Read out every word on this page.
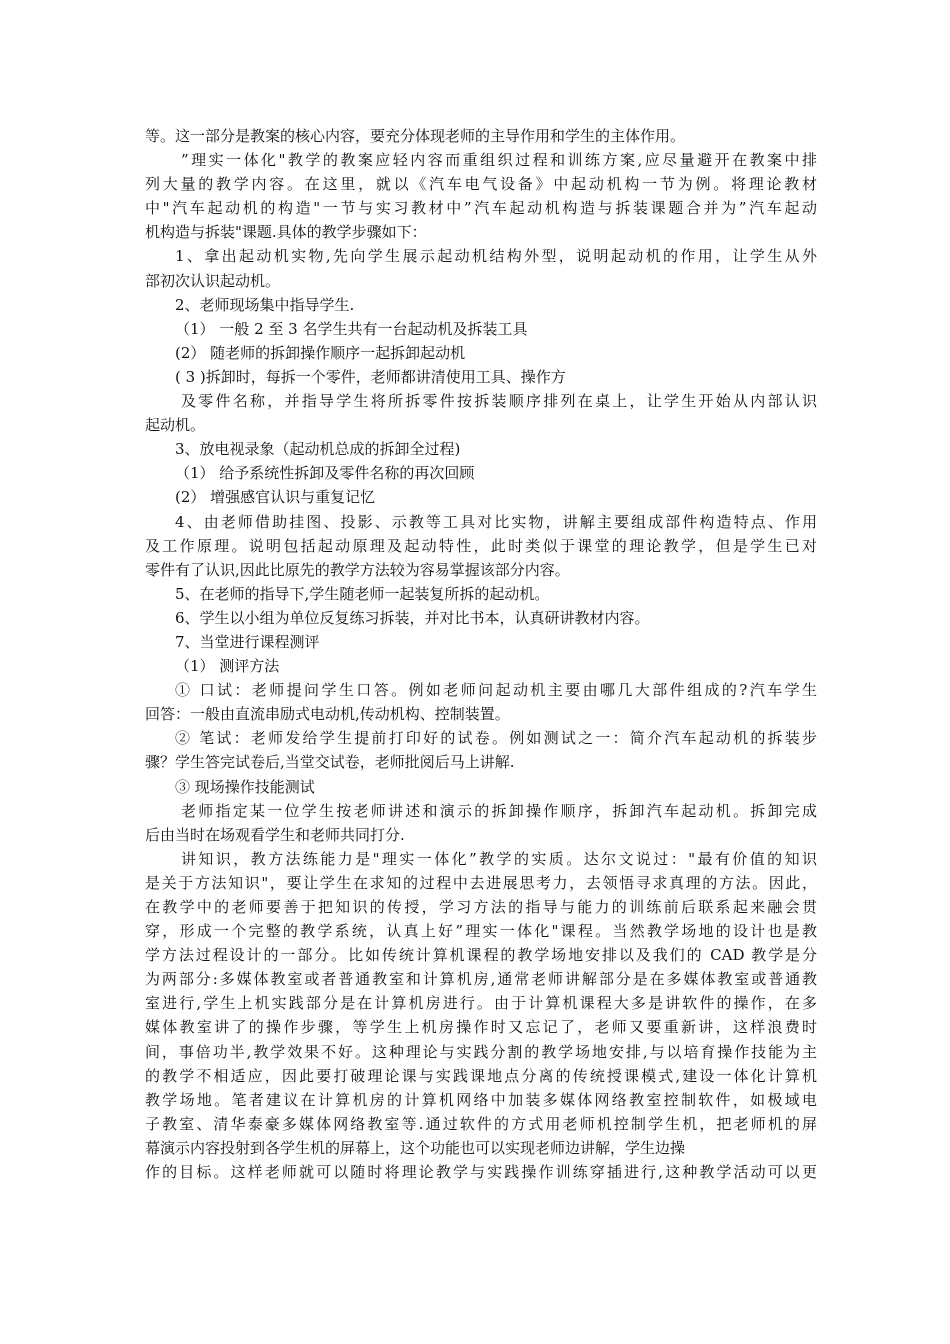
等。这一部分是教案的核心内容，要充分体现老师的主导作用和学生的主体作用。
”理实一体化"教学的教案应轻内容而重组织过程和训练方案,应尽量避开在教案中排
列大量的教学内容。在这里，就以《汽车电气设备》中起动机构一节为例。将理论教材
中"汽车起动机的构造"一节与实习教材中”汽车起动机构造与拆装课题合并为”汽车起动
机构造与拆装"课题.具体的教学步骤如下：
1、拿出起动机实物,先向学生展示起动机结构外型，说明起动机的作用，让学生从外
部初次认识起动机。
2、老师现场集中指导学生.
（1） 一般 2 至 3 名学生共有一台起动机及拆装工具
(2） 随老师的拆卸操作顺序一起拆卸起动机
( 3 )拆卸时，每拆一个零件，老师都讲清使用工具、操作方
及零件名称，并指导学生将所拆零件按拆装顺序排列在桌上，让学生开始从内部认识
起动机。
3、放电视录象（起动机总成的拆卸全过程)
（1） 给予系统性拆卸及零件名称的再次回顾
(2） 增强感官认识与重复记忆
4、由老师借助挂图、投影、示教等工具对比实物，讲解主要组成部件构造特点、作用
及工作原理。说明包括起动原理及起动特性，此时类似于课堂的理论教学，但是学生已对
零件有了认识,因此比原先的教学方法较为容易掌握该部分内容。
5、在老师的指导下,学生随老师一起装复所拆的起动机。
6、学生以小组为单位反复练习拆装，并对比书本，认真研讲教材内容。
7、当堂进行课程测评
（1） 测评方法
① 口试：老师提问学生口答。例如老师问起动机主要由哪几大部件组成的?汽车学生
回答：一般由直流串励式电动机,传动机构、控制装置。
② 笔试：老师发给学生提前打印好的试卷。例如测试之一：简介汽车起动机的拆装步
骤？学生答完试卷后,当堂交试卷，老师批阅后马上讲解.
③ 现场操作技能测试
老师指定某一位学生按老师讲述和演示的拆卸操作顺序，拆卸汽车起动机。拆卸完成
后由当时在场观看学生和老师共同打分.
讲知识，教方法练能力是"理实一体化”教学的实质。达尔文说过："最有价值的知识
是关于方法知识"，要让学生在求知的过程中去进展思考力，去领悟寻求真理的方法。因此，
在教学中的老师要善于把知识的传授，学习方法的指导与能力的训练前后联系起来融会贯
穿，形成一个完整的教学系统，认真上好”理实一体化"课程。当然教学场地的设计也是教
学方法过程设计的一部分。比如传统计算机课程的教学场地安排以及我们的 CAD 教学是分
为两部分:多媒体教室或者普通教室和计算机房,通常老师讲解部分是在多媒体教室或普通教
室进行,学生上机实践部分是在计算机房进行。由于计算机课程大多是讲软件的操作，在多
媒体教室讲了的操作步骤，等学生上机房操作时又忘记了，老师又要重新讲，这样浪费时
间，事倍功半,教学效果不好。这种理论与实践分割的教学场地安排,与以培育操作技能为主
的教学不相适应，因此要打破理论课与实践课地点分离的传统授课模式,建设一体化计算机
教学场地。笔者建议在计算机房的计算机网络中加装多媒体网络教室控制软件，如极域电
子教室、清华泰豪多媒体网络教室等.通过软件的方式用老师机控制学生机，把老师机的屏
幕演示内容投射到各学生机的屏幕上，这个功能也可以实现老师边讲解，学生边操
作的目标。这样老师就可以随时将理论教学与实践操作训练穿插进行,这种教学活动可以更
